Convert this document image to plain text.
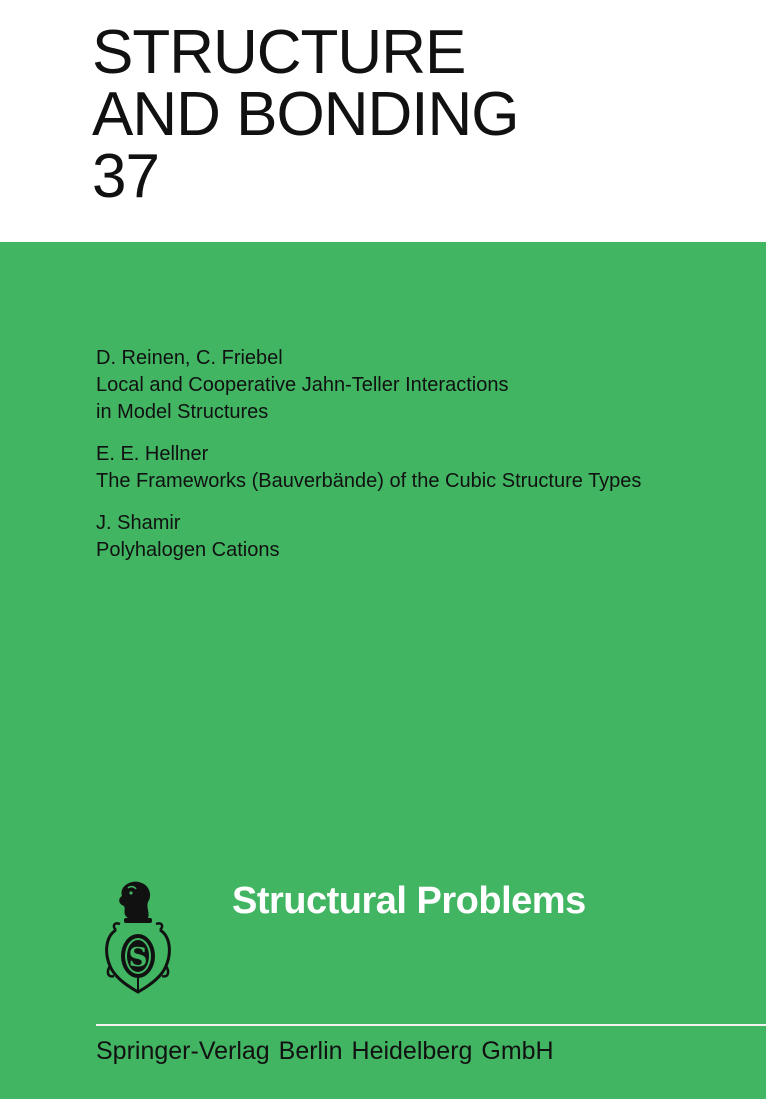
STRUCTURE
AND BONDING
37
D. Reinen, C. Friebel
Local and Cooperative Jahn-Teller Interactions
in Model Structures
E. E. Hellner
The Frameworks (Bauverbände) of the Cubic Structure Types
J. Shamir
Polyhalogen Cations
S
Structural Problems
Springer-Verlag Berlin Heidelberg GmbH
